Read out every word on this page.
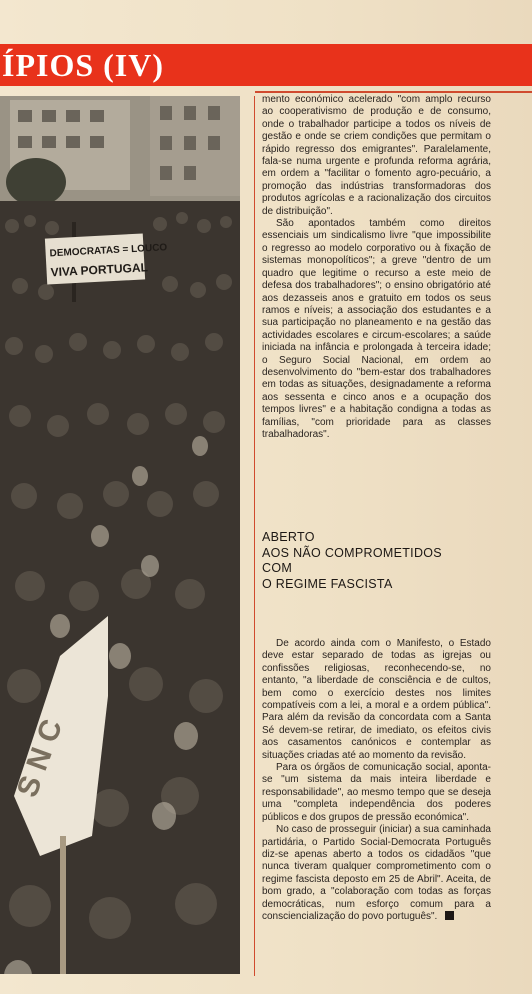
ÍPIOS (IV)
DEMOCRATAS = LOUCO
VIVA PORTUGAL
S N C

mento económico acelerado "com amplo recurso ao cooperativismo de produção e de consumo, onde o trabalhador participe a todos os níveis de gestão e onde se criem condições que permitam o rápido regresso dos emigrantes". Paralelamente, fala-se numa urgente e profunda reforma agrária, em ordem a "facilitar o fomento agro-pecuário, a promoção das indústrias transformadoras dos produtos agrícolas e a racionalização dos circuitos de distribuição".

São apontados também como direitos essenciais um sindicalismo livre "que impossibilite o regresso ao modelo corporativo ou à fixação de sistemas monopolíticos"; a greve "dentro de um quadro que legitime o recurso a este meio de defesa dos trabalhadores"; o ensino obrigatório até aos dezasseis anos e gratuito em todos os seus ramos e níveis; a associação dos estudantes e a sua participação no planeamento e na gestão das actividades escolares e circum-escolares; a saúde iniciada na infância e prolongada à terceira idade; o Seguro Social Nacional, em ordem ao desenvolvimento do "bem-estar dos trabalhadores em todas as situações, designadamente a reforma aos sessenta e cinco anos e a ocupação dos tempos livres" e a habitação condigna a todas as famílias, "com prioridade para as classes trabalhadoras".

ABERTO
AOS NÃO COMPROMETIDOS
COM
O REGIME FASCISTA

De acordo ainda com o Manifesto, o Estado deve estar separado de todas as igrejas ou confissões religiosas, reconhecendo-se, no entanto, "a liberdade de consciência e de cultos, bem como o exercício destes nos limites compatíveis com a lei, a moral e a ordem pública". Para além da revisão da concordata com a Santa Sé devem-se retirar, de imediato, os efeitos civis aos casamentos canónicos e contemplar as situações criadas até ao momento da revisão.

Para os órgãos de comunicação social, aponta-se "um sistema da mais inteira liberdade e responsabilidade", ao mesmo tempo que se deseja uma "completa independência dos poderes públicos e dos grupos de pressão económica".

No caso de prosseguir (iniciar) a sua caminhada partidária, o Partido Social-Democrata Português diz-se apenas aberto a todos os cidadãos "que nunca tiveram qualquer comprometimento com o regime fascista deposto em 25 de Abril". Aceita, de bom grado, a "colaboração com todas as forças democráticas, num esforço comum para a consciencialização do povo português".
